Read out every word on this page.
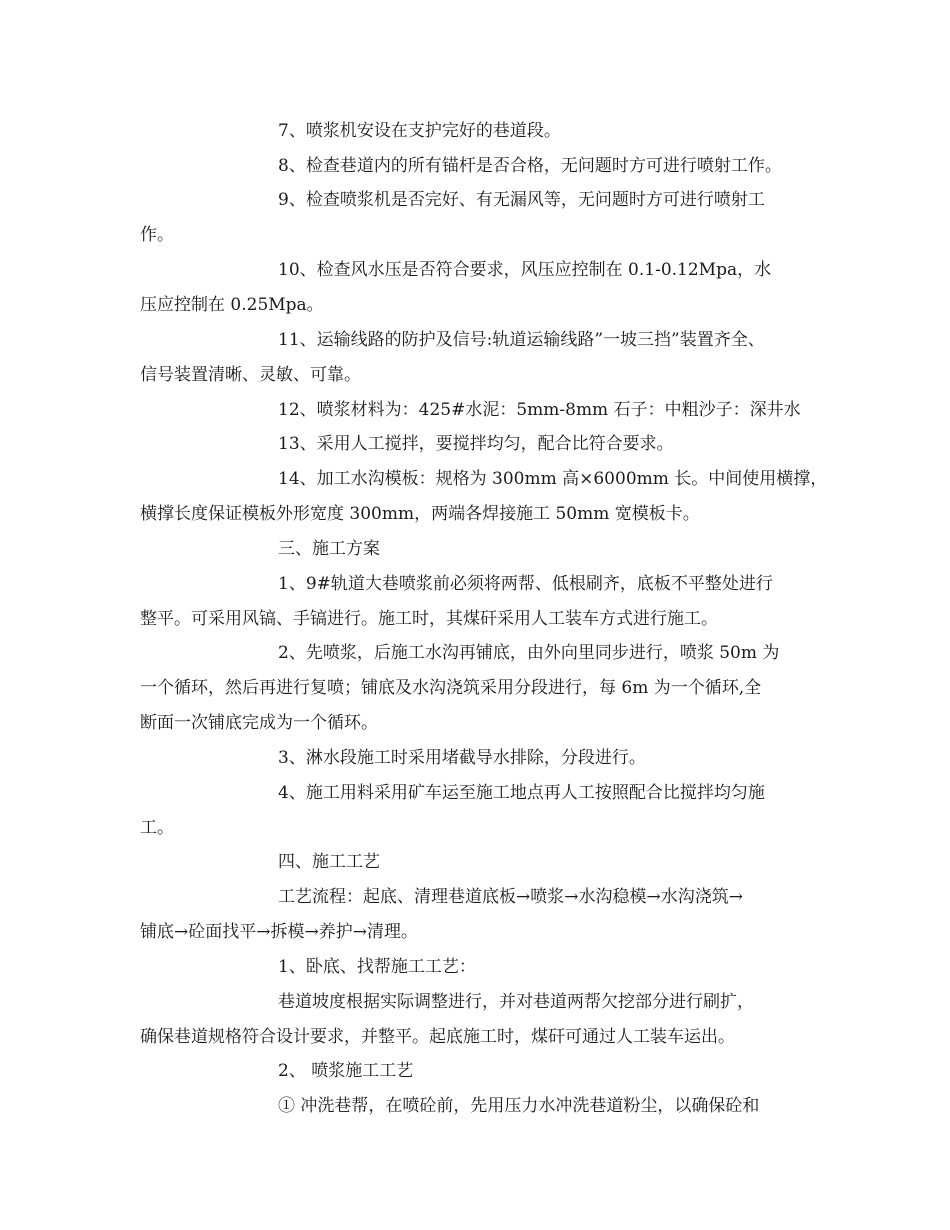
7、喷浆机安设在支护完好的巷道段。
8、检查巷道内的所有锚杆是否合格，无问题时方可进行喷射工作。
9、检查喷浆机是否完好、有无漏风等，无问题时方可进行喷射工
作。
10、检查风水压是否符合要求，风压应控制在 0.1-0.12Mpa，水
压应控制在 0.25Mpa。
11、运输线路的防护及信号:轨道运输线路”一坡三挡”装置齐全、
信号装置清晰、灵敏、可靠。
12、喷浆材料为：425#水泥：5mm-8mm 石子：中粗沙子：深井水
13、采用人工搅拌，要搅拌均匀，配合比符合要求。
14、加工水沟模板：规格为 300mm 高×6000mm 长。中间使用横撑，
横撑长度保证模板外形宽度 300mm，两端各焊接施工 50mm 宽模板卡。
三、施工方案
1、9#轨道大巷喷浆前必须将两帮、低根刷齐，底板不平整处进行
整平。可采用风镐、手镐进行。施工时，其煤矸采用人工装车方式进行施工。
2、先喷浆，后施工水沟再铺底，由外向里同步进行，喷浆 50m 为
一个循环，然后再进行复喷；铺底及水沟浇筑采用分段进行，每 6m 为一个循环,全
断面一次铺底完成为一个循环。
3、淋水段施工时采用堵截导水排除，分段进行。
4、施工用料采用矿车运至施工地点再人工按照配合比搅拌均匀施
工。
四、施工工艺
工艺流程：起底、清理巷道底板→喷浆→水沟稳模→水沟浇筑→
铺底→砼面找平→拆模→养护→清理。
1、卧底、找帮施工工艺：
巷道坡度根据实际调整进行，并对巷道两帮欠挖部分进行刷扩，
确保巷道规格符合设计要求，并整平。起底施工时，煤矸可通过人工装车运出。
2、 喷浆施工工艺
① 冲洗巷帮，在喷砼前，先用压力水冲洗巷道粉尘，以确保砼和
